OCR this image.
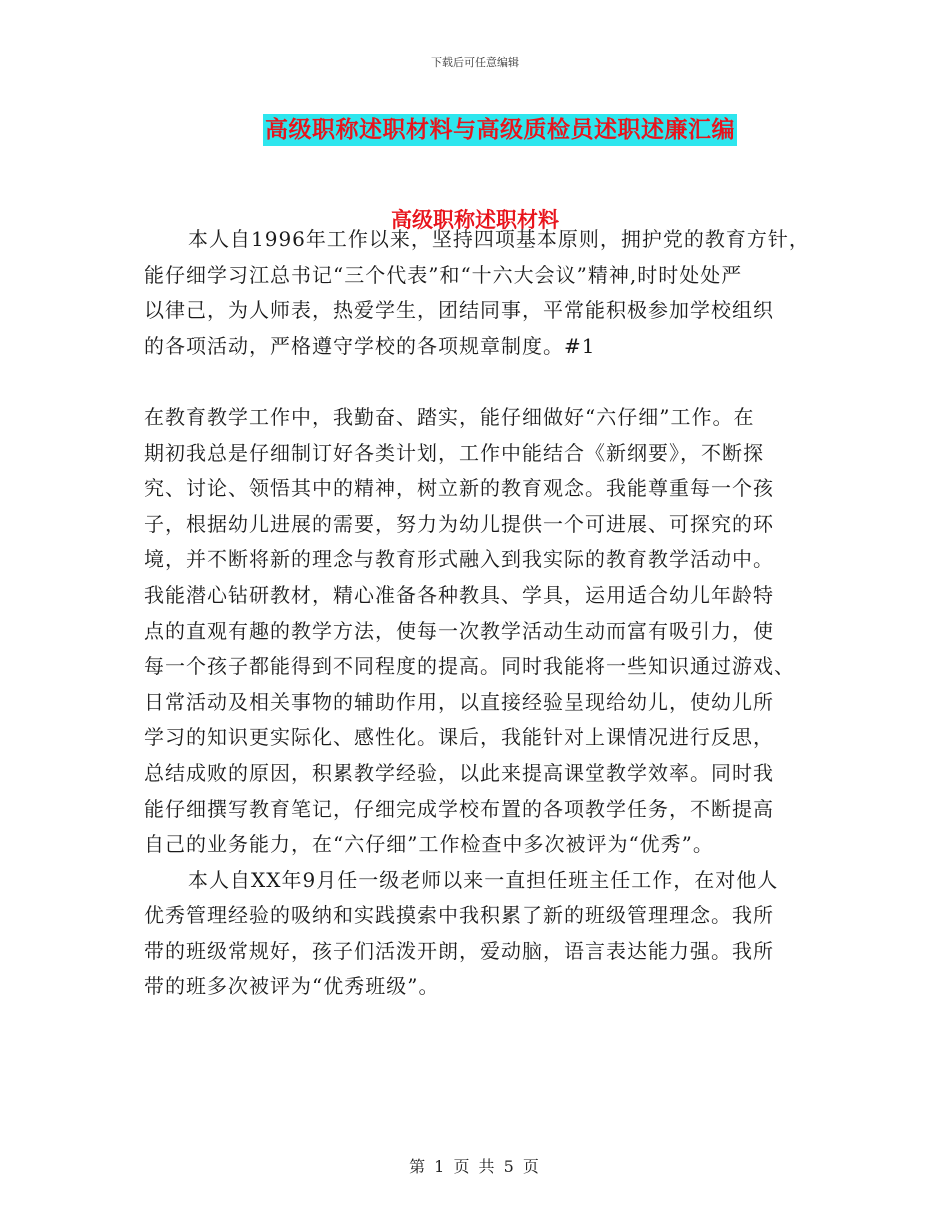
下载后可任意编辑
高级职称述职材料与高级质检员述职述廉汇编
高级职称述职材料
本人自1996年工作以来，坚持四项基本原则，拥护党的教育方针，
能仔细学习江总书记“三个代表”和“十六大会议”精神,时时处处严
以律己，为人师表，热爱学生，团结同事，平常能积极参加学校组织
的各项活动，严格遵守学校的各项规章制度。#1
在教育教学工作中，我勤奋、踏实，能仔细做好“六仔细”工作。在
期初我总是仔细制订好各类计划，工作中能结合《新纲要》，不断探
究、讨论、领悟其中的精神，树立新的教育观念。我能尊重每一个孩
子，根据幼儿进展的需要，努力为幼儿提供一个可进展、可探究的环
境，并不断将新的理念与教育形式融入到我实际的教育教学活动中。
我能潜心钻研教材，精心准备各种教具、学具，运用适合幼儿年龄特
点的直观有趣的教学方法，使每一次教学活动生动而富有吸引力，使
每一个孩子都能得到不同程度的提高。同时我能将一些知识通过游戏、
日常活动及相关事物的辅助作用，以直接经验呈现给幼儿，使幼儿所
学习的知识更实际化、感性化。课后，我能针对上课情况进行反思，
总结成败的原因，积累教学经验，以此来提高课堂教学效率。同时我
能仔细撰写教育笔记，仔细完成学校布置的各项教学任务，不断提高
自己的业务能力，在“六仔细”工作检查中多次被评为“优秀”。
本人自XX年9月任一级老师以来一直担任班主任工作，在对他人
优秀管理经验的吸纳和实践摸索中我积累了新的班级管理理念。我所
带的班级常规好，孩子们活泼开朗，爱动脑，语言表达能力强。我所
带的班多次被评为“优秀班级”。
第 1 页 共 5 页
